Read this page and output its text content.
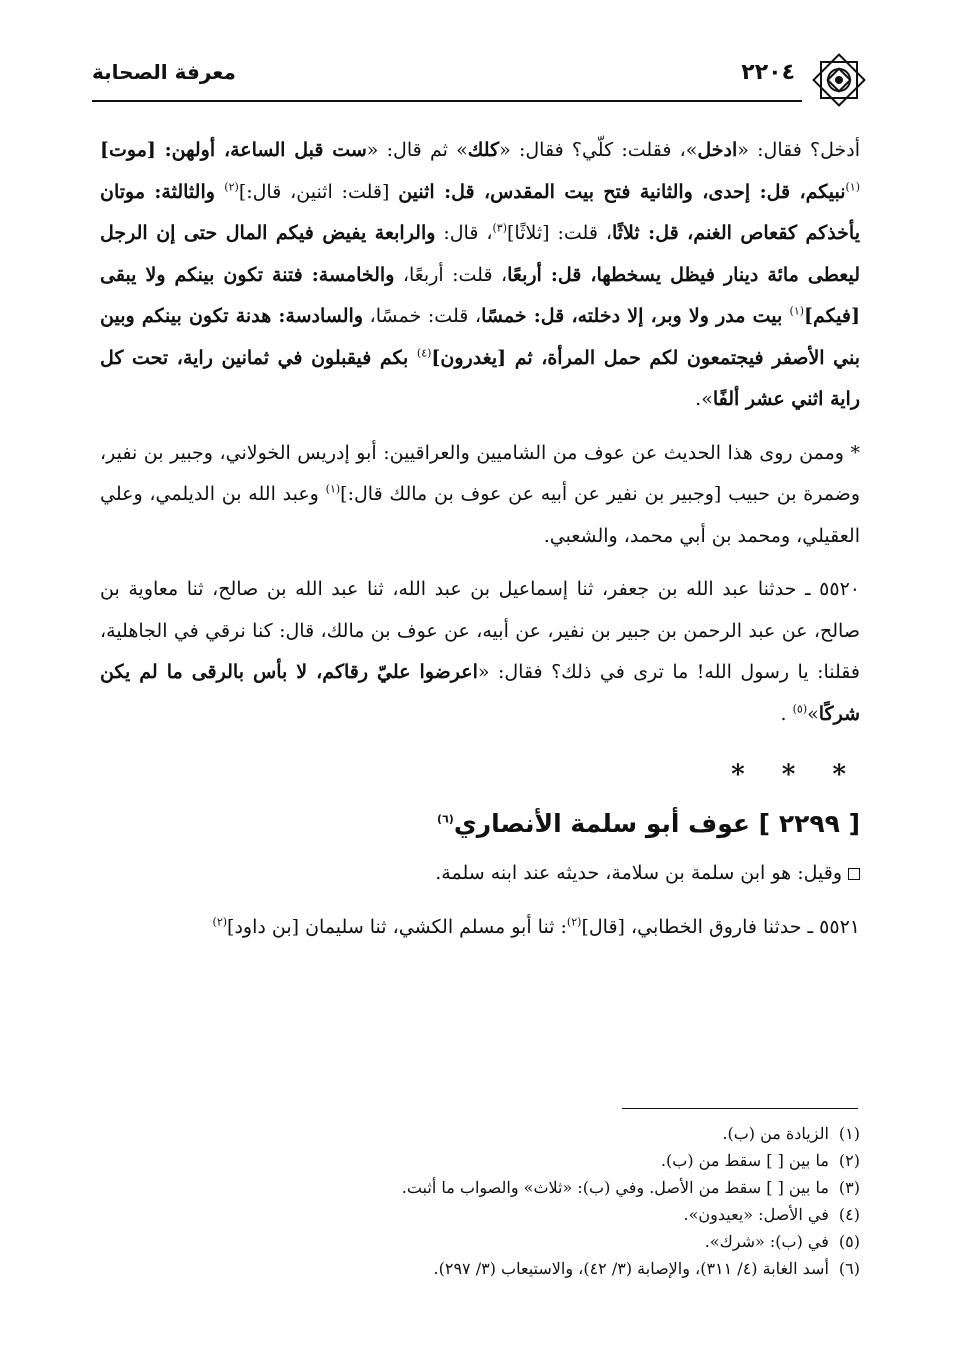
٢٢٠٤
معرفة الصحابة

أدخل؟ فقال: «ادخل»، فقلت: كلّي؟ فقال: «كلك» ثم قال: «ست قبل الساعة، أولهن: [موت]$^{(١)}$نبيكم، قل: إحدى، والثانية فتح بيت المقدس، قل: اثنين [قلت: اثنين، قال:]$^{(٢)}$ والثالثة: موتان يأخذكم كقعاص الغنم، قل: ثلاثًا، قلت: [ثلاثًا]$^{(٣)}$، قال: والرابعة يفيض فيكم المال حتى إن الرجل ليعطى مائة دينار فيظل يسخطها، قل: أربعًا، قلت: أربعًا، والخامسة: فتنة تكون بينكم ولا يبقى [فيكم]$^{(١)}$ بيت مدر ولا وبر، إلا دخلته، قل: خمسًا، قلت: خمسًا، والسادسة: هدنة تكون بينكم وبين بني الأصفر فيجتمعون لكم حمل المرأة، ثم [يغدرون]$^{(٤)}$ بكم فيقبلون في ثمانين راية، تحت كل راية اثني عشر ألفًا».

* وممن روى هذا الحديث عن عوف من الشاميين والعراقيين: أبو إدريس الخولاني، وجبير بن نفير، وضمرة بن حبيب [وجبير بن نفير عن أبيه عن عوف بن مالك قال:]$^{(١)}$ وعبد الله بن الديلمي، وعلي العقيلي، ومحمد بن أبي محمد، والشعبي.

٥٥٢٠ ـ حدثنا عبد الله بن جعفر، ثنا إسماعيل بن عبد الله، ثنا عبد الله بن صالح، ثنا معاوية بن صالح، عن عبد الرحمن بن جبير بن نفير، عن أبيه، عن عوف بن مالك، قال: كنا نرقي في الجاهلية، فقلنا: يا رسول الله! ما ترى في ذلك؟ فقال: «اعرضوا عليّ رقاكم، لا بأس بالرقى ما لم يكن شركًا»$^{(٥)}$ .

* * *
[ ٢٢٩٩ ] عوف أبو سلمة الأنصاري$^{(٦)}$

وقيل: هو ابن سلمة بن سلامة، حديثه عند ابنه سلمة.

٥٥٢١ ـ حدثنا فاروق الخطابي، [قال]$^{(٢)}$: ثنا أبو مسلم الكشي، ثنا سليمان [بن داود]$^{(٢)}$

(١) الزيادة من (ب).
(٢) ما بين [ ] سقط من (ب).
(٣) ما بين [ ] سقط من الأصل. وفي (ب): «ثلاث» والصواب ما أثبت.
(٤) في الأصل: «يعيدون».
(٥) في (ب): «شرك».
(٦) أسد الغابة (٤/ ٣١١)، والإصابة (٣/ ٤٢)، والاستيعاب (٣/ ٢٩٧).
